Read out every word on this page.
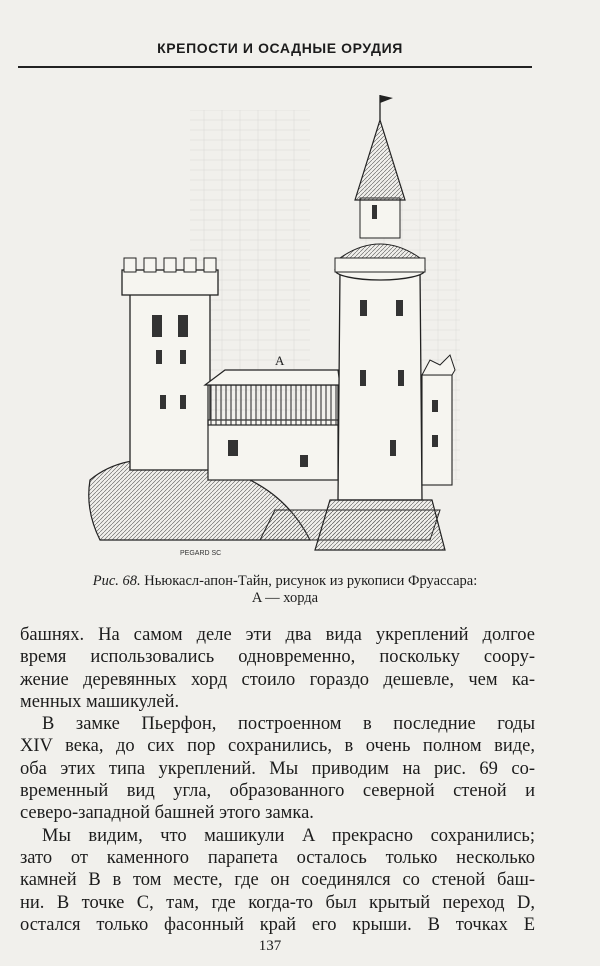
КРЕПОСТИ И ОСАДНЫЕ ОРУДИЯ
A
PEGARD SC
Рис. 68. Ньюкасл-апон-Тайн, рисунок из рукописи Фруассара:
A — хорда
башнях. На самом деле эти два вида укреплений долгое
время использовались одновременно, поскольку соору-
жение деревянных хорд стоило гораздо дешевле, чем ка-
менных машикулей.
В замке Пьерфон, построенном в последние годы
XIV века, до сих пор сохранились, в очень полном виде,
оба этих типа укреплений. Мы приводим на рис. 69 со-
временный вид угла, образованного северной стеной и
северо-западной башней этого замка.
Мы видим, что машикули A прекрасно сохранились;
зато от каменного парапета осталось только несколько
камней B в том месте, где он соединялся со стеной баш-
ни. В точке C, там, где когда-то был крытый переход D,
остался только фасонный край его крыши. В точках E
137
